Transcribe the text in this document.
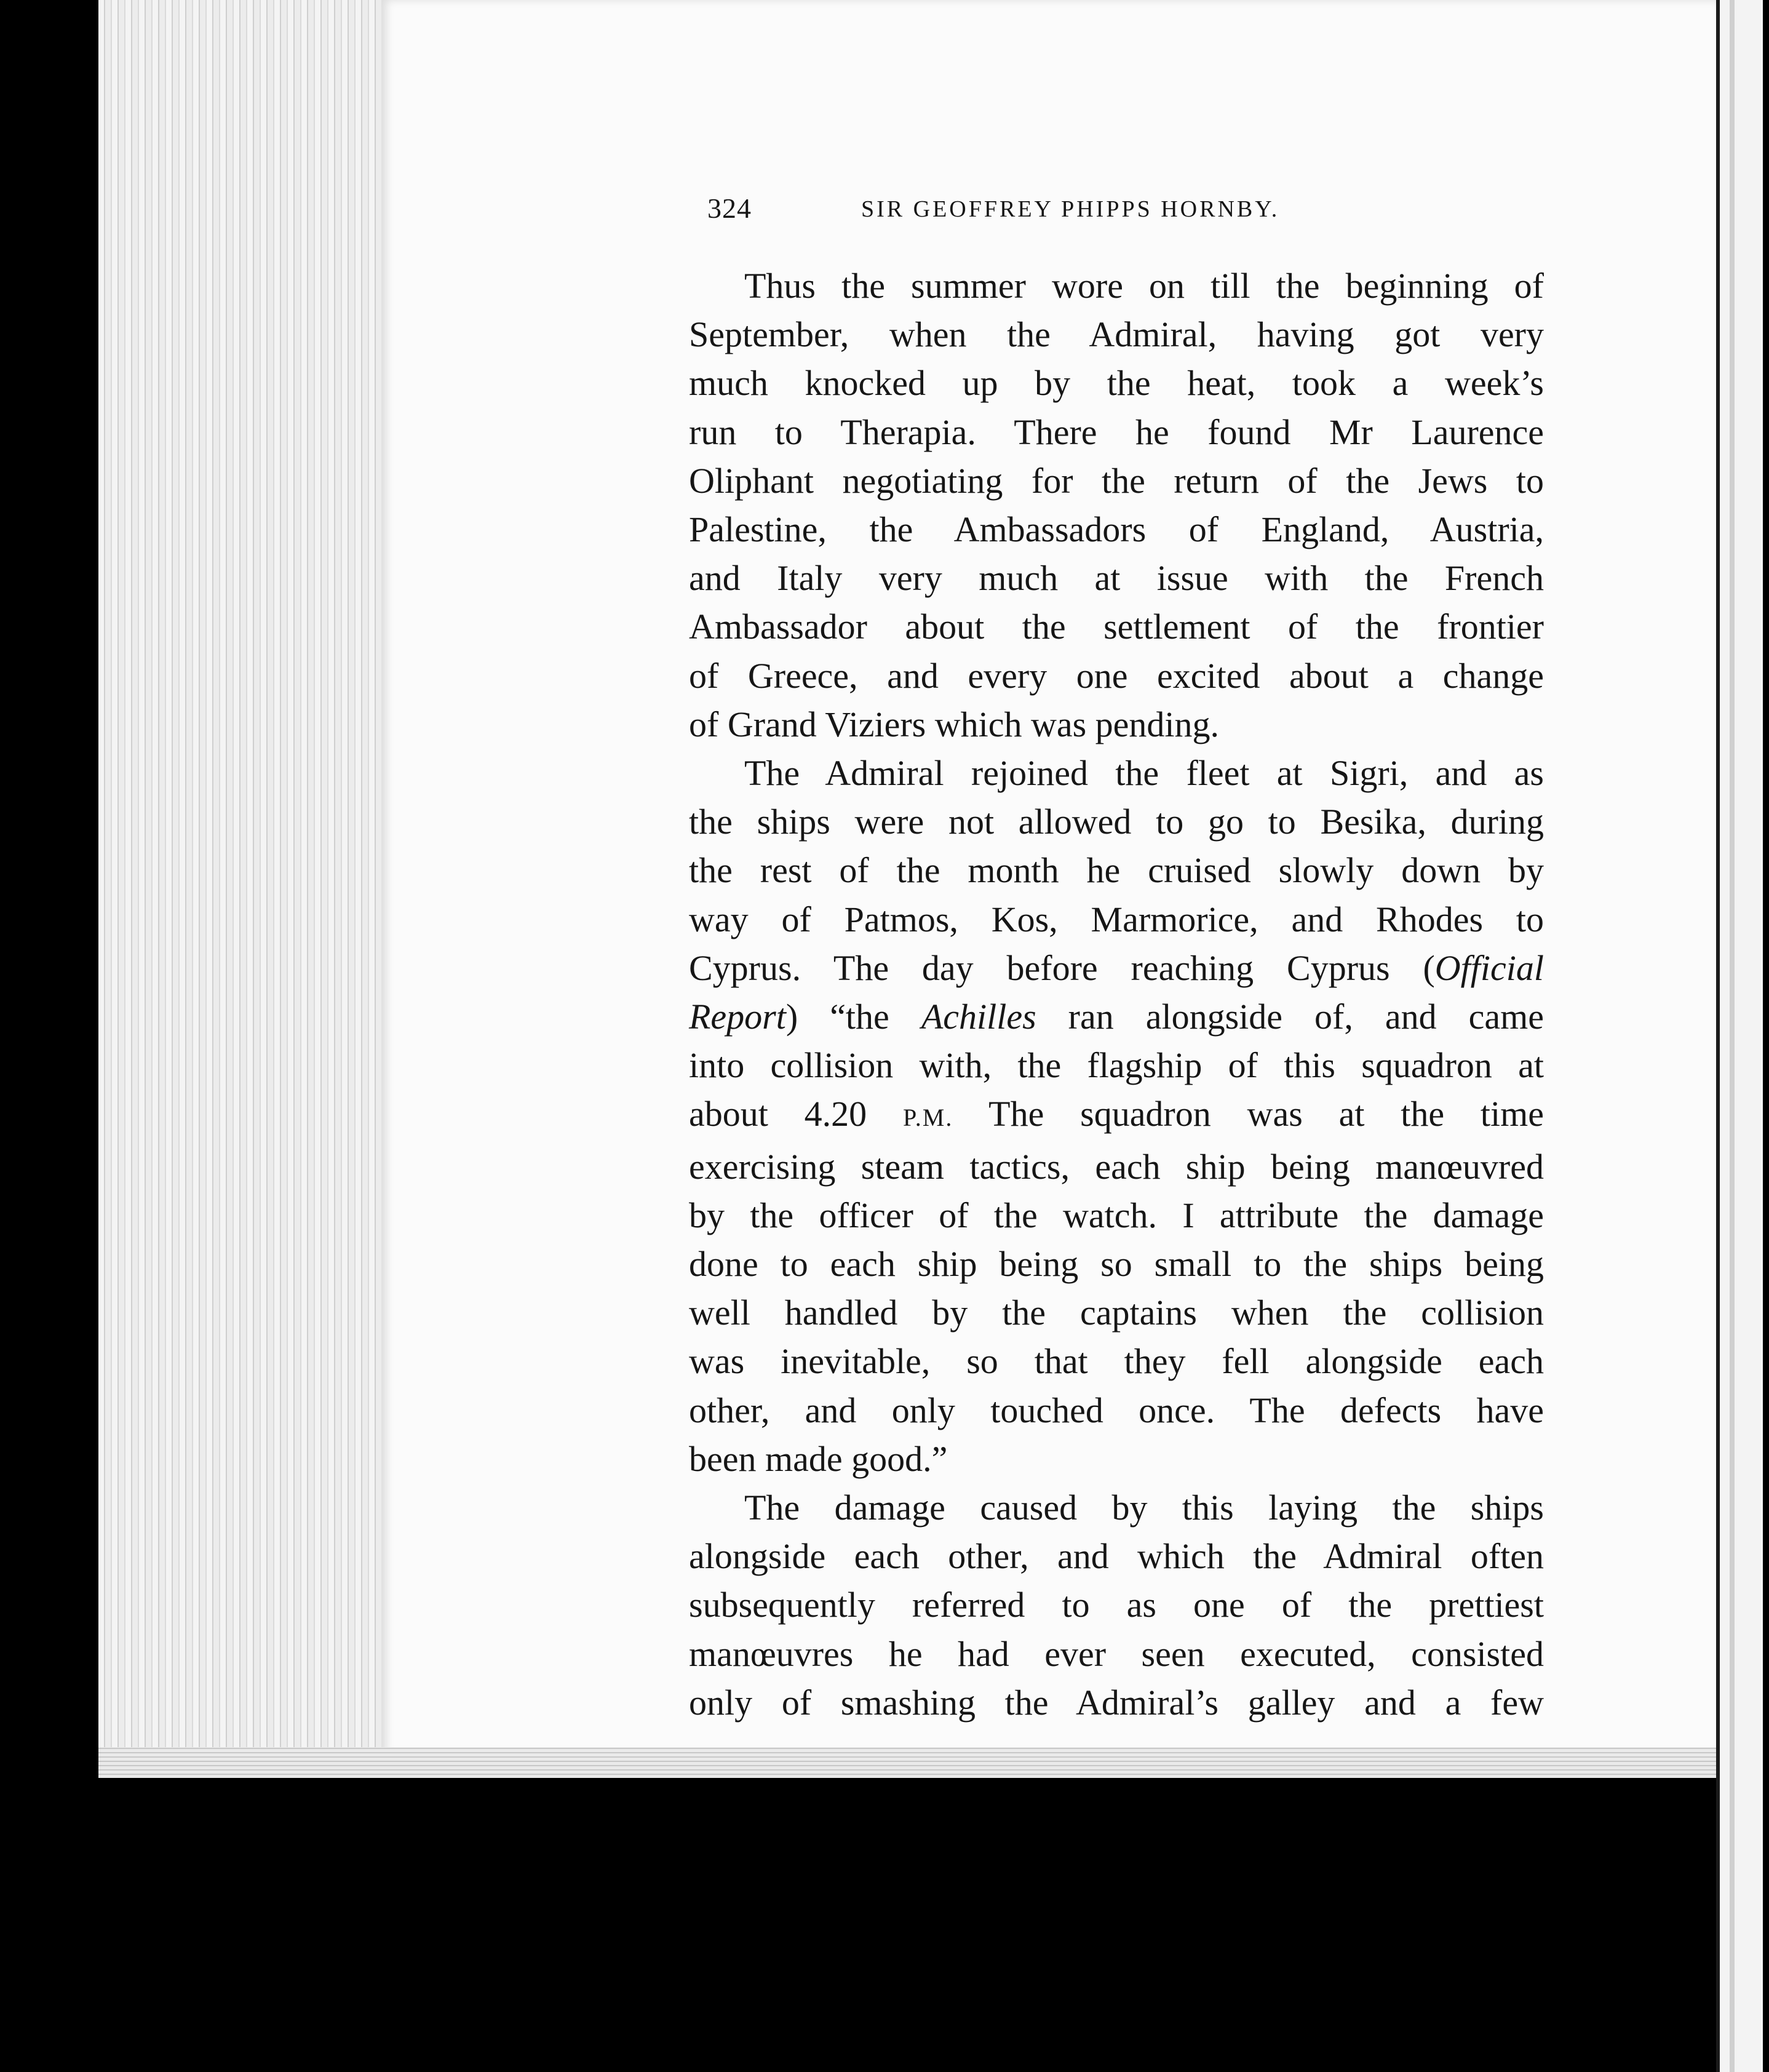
324	SIR GEOFFREY PHIPPS HORNBY.
Thus the summer wore on till the beginning of
September, when the Admiral, having got very
much knocked up by the heat, took a week’s
run to Therapia. There he found Mr Laurence
Oliphant negotiating for the return of the Jews to
Palestine, the Ambassadors of England, Austria,
and Italy very much at issue with the French
Ambassador about the settlement of the frontier
of Greece, and every one excited about a change
of Grand Viziers which was pending.
The Admiral rejoined the fleet at Sigri, and as
the ships were not allowed to go to Besika, during
the rest of the month he cruised slowly down by
way of Patmos, Kos, Marmorice, and Rhodes to
Cyprus. The day before reaching Cyprus (Official
Report) “the Achilles ran alongside of, and came
into collision with, the flagship of this squadron at
about 4.20 P.M. The squadron was at the time
exercising steam tactics, each ship being manœuvred
by the officer of the watch. I attribute the damage
done to each ship being so small to the ships being
well handled by the captains when the collision
was inevitable, so that they fell alongside each
other, and only touched once. The defects have
been made good.”
The damage caused by this laying the ships
alongside each other, and which the Admiral often
subsequently referred to as one of the prettiest
manœuvres he had ever seen executed, consisted
only of smashing the Admiral’s galley and a few
